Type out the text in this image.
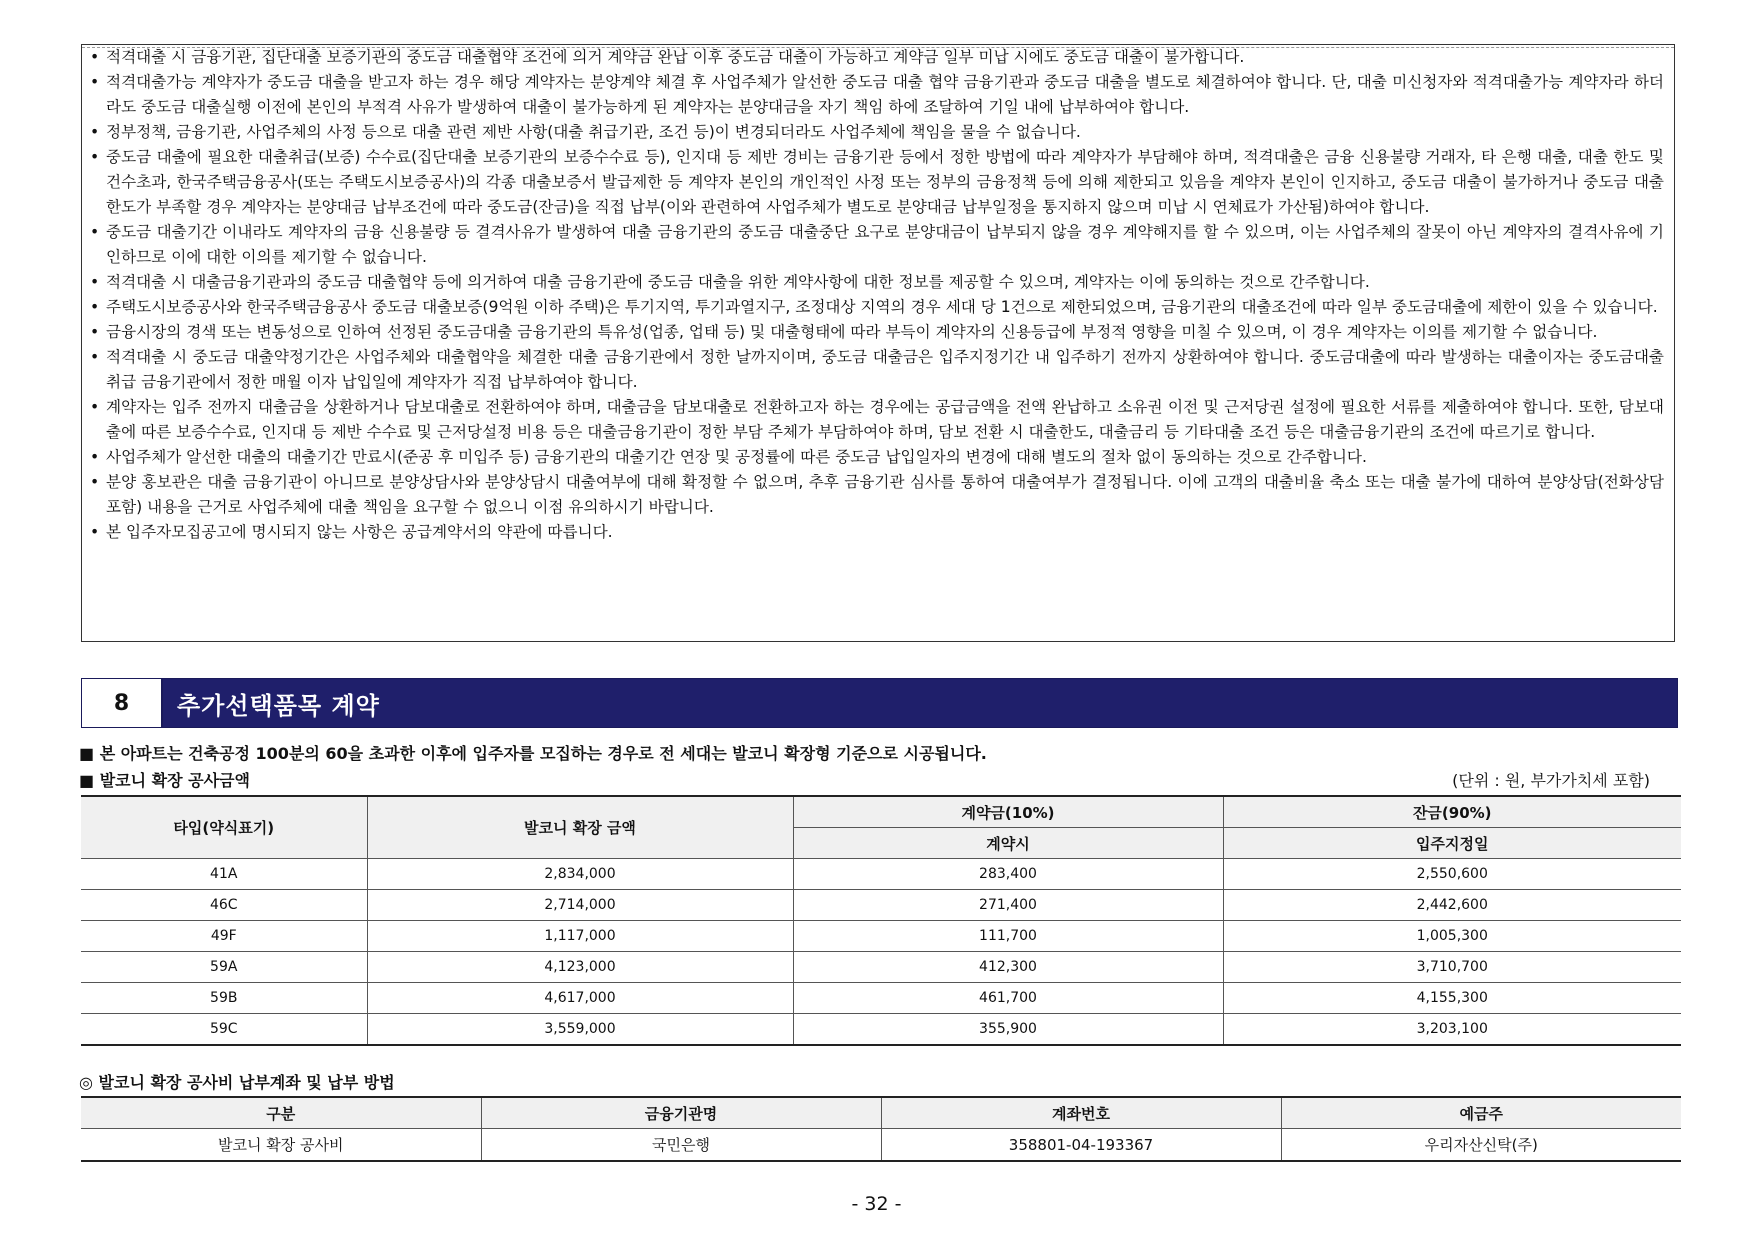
• 적격대출 시 금융기관, 집단대출 보증기관의 중도금 대출협약 조건에 의거 계약금 완납 이후 중도금 대출이 가능하고 계약금 일부 미납 시에도 중도금 대출이 불가합니다.
• 적격대출가능 계약자가 중도금 대출을 받고자 하는 경우 해당 계약자는 분양계약 체결 후 사업주체가 알선한 중도금 대출 협약 금융기관과 중도금 대출을 별도로 체결하여야 합니다. 단, 대출 미신청자와 적격대출가능 계약자라 하더라도 중도금 대출실행 이전에 본인의 부적격 사유가 발생하여 대출이 불가능하게 된 계약자는 분양대금을 자기 책임 하에 조달하여 기일 내에 납부하여야 합니다.
• 정부정책, 금융기관, 사업주체의 사정 등으로 대출 관련 제반 사항(대출 취급기관, 조건 등)이 변경되더라도 사업주체에 책임을 물을 수 없습니다.
• 중도금 대출에 필요한 대출취급(보증) 수수료(집단대출 보증기관의 보증수수료 등), 인지대 등 제반 경비는 금융기관 등에서 정한 방법에 따라 계약자가 부담해야 하며, 적격대출은 금융 신용불량 거래자, 타 은행 대출, 대출 한도 및 건수초과, 한국주택금융공사(또는 주택도시보증공사)의 각종 대출보증서 발급제한 등 계약자 본인의 개인적인 사정 또는 정부의 금융정책 등에 의해 제한되고 있음을 계약자 본인이 인지하고, 중도금 대출이 불가하거나 중도금 대출한도가 부족할 경우 계약자는 분양대금 납부조건에 따라 중도금(잔금)을 직접 납부(이와 관련하여 사업주체가 별도로 분양대금 납부일정을 통지하지 않으며 미납 시 연체료가 가산됨)하여야 합니다.
• 중도금 대출기간 이내라도 계약자의 금융 신용불량 등 결격사유가 발생하여 대출 금융기관의 중도금 대출중단 요구로 분양대금이 납부되지 않을 경우 계약해지를 할 수 있으며, 이는 사업주체의 잘못이 아닌 계약자의 결격사유에 기인하므로 이에 대한 이의를 제기할 수 없습니다.
• 적격대출 시 대출금융기관과의 중도금 대출협약 등에 의거하여 대출 금융기관에 중도금 대출을 위한 계약사항에 대한 정보를 제공할 수 있으며, 계약자는 이에 동의하는 것으로 간주합니다.
• 주택도시보증공사와 한국주택금융공사 중도금 대출보증(9억원 이하 주택)은 투기지역, 투기과열지구, 조정대상 지역의 경우 세대 당 1건으로 제한되었으며, 금융기관의 대출조건에 따라 일부 중도금대출에 제한이 있을 수 있습니다.
• 금융시장의 경색 또는 변동성으로 인하여 선정된 중도금대출 금융기관의 특유성(업종, 업태 등) 및 대출형태에 따라 부득이 계약자의 신용등급에 부정적 영향을 미칠 수 있으며, 이 경우 계약자는 이의를 제기할 수 없습니다.
• 적격대출 시 중도금 대출약정기간은 사업주체와 대출협약을 체결한 대출 금융기관에서 정한 날까지이며, 중도금 대출금은 입주지정기간 내 입주하기 전까지 상환하여야 합니다. 중도금대출에 따라 발생하는 대출이자는 중도금대출 취급 금융기관에서 정한 매월 이자 납입일에 계약자가 직접 납부하여야 합니다.
• 계약자는 입주 전까지 대출금을 상환하거나 담보대출로 전환하여야 하며, 대출금을 담보대출로 전환하고자 하는 경우에는 공급금액을 전액 완납하고 소유권 이전 및 근저당권 설정에 필요한 서류를 제출하여야 합니다. 또한, 담보대출에 따른 보증수수료, 인지대 등 제반 수수료 및 근저당설정 비용 등은 대출금융기관이 정한 부담 주체가 부담하여야 하며, 담보 전환 시 대출한도, 대출금리 등 기타대출 조건 등은 대출금융기관의 조건에 따르기로 합니다.
• 사업주체가 알선한 대출의 대출기간 만료시(준공 후 미입주 등) 금융기관의 대출기간 연장 및 공정률에 따른 중도금 납입일자의 변경에 대해 별도의 절차 없이 동의하는 것으로 간주합니다.
• 분양 홍보관은 대출 금융기관이 아니므로 분양상담사와 분양상담시 대출여부에 대해 확정할 수 없으며, 추후 금융기관 심사를 통하여 대출여부가 결정됩니다. 이에 고객의 대출비율 축소 또는 대출 불가에 대하여 분양상담(전화상담 포함) 내용을 근거로 사업주체에 대출 책임을 요구할 수 없으니 이점 유의하시기 바랍니다.
• 본 입주자모집공고에 명시되지 않는 사항은 공급계약서의 약관에 따릅니다.
8	추가선택품목 계약
■ 본 아파트는 건축공정 100분의 60을 초과한 이후에 입주자를 모집하는 경우로 전 세대는 발코니 확장형 기준으로 시공됩니다.
■ 발코니 확장 공사금액	(단위 : 원, 부가가치세 포함)
타입(약식표기)	발코니 확장 금액	계약금(10%)	잔금(90%)
		계약시	입주지정일
41A	2,834,000	283,400	2,550,600
46C	2,714,000	271,400	2,442,600
49F	1,117,000	111,700	1,005,300
59A	4,123,000	412,300	3,710,700
59B	4,617,000	461,700	4,155,300
59C	3,559,000	355,900	3,203,100
◎ 발코니 확장 공사비 납부계좌 및 납부 방법
구분	금융기관명	계좌번호	예금주
발코니 확장 공사비	국민은행	358801-04-193367	우리자산신탁(주)
- 32 -
